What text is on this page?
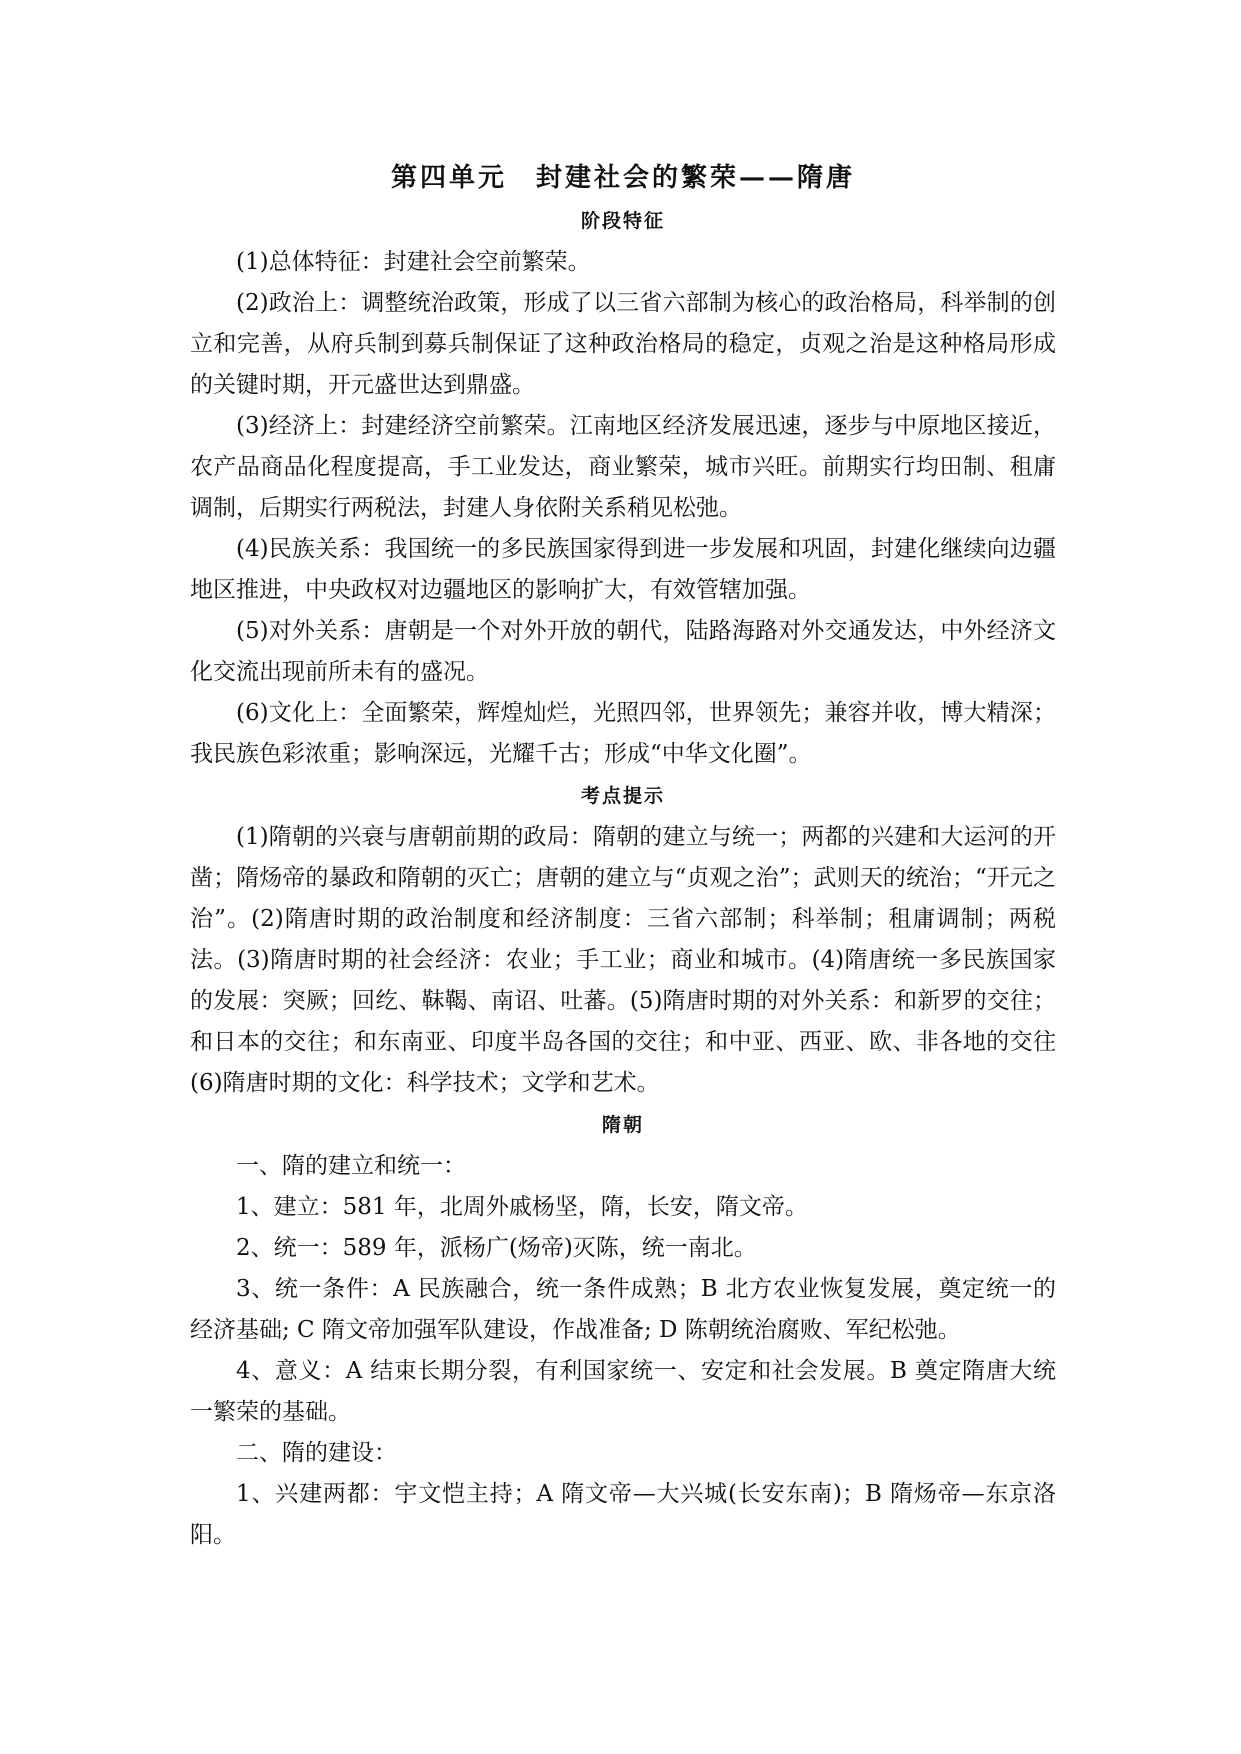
第四单元　封建社会的繁荣——隋唐
阶段特征

(1)总体特征：封建社会空前繁荣。

(2)政治上：调整统治政策，形成了以三省六部制为核心的政治格局，科举制的创立和完善，从府兵制到募兵制保证了这种政治格局的稳定，贞观之治是这种格局形成的关键时期，开元盛世达到鼎盛。

(3)经济上：封建经济空前繁荣。江南地区经济发展迅速，逐步与中原地区接近，农产品商品化程度提高，手工业发达，商业繁荣，城市兴旺。前期实行均田制、租庸调制，后期实行两税法，封建人身依附关系稍见松弛。

(4)民族关系：我国统一的多民族国家得到进一步发展和巩固，封建化继续向边疆地区推进，中央政权对边疆地区的影响扩大，有效管辖加强。

(5)对外关系：唐朝是一个对外开放的朝代，陆路海路对外交通发达，中外经济文化交流出现前所未有的盛况。

(6)文化上：全面繁荣，辉煌灿烂，光照四邻，世界领先；兼容并收，博大精深；我民族色彩浓重；影响深远，光耀千古；形成“中华文化圈”。

考点提示

(1)隋朝的兴衰与唐朝前期的政局：隋朝的建立与统一；两都的兴建和大运河的开凿；隋炀帝的暴政和隋朝的灭亡；唐朝的建立与“贞观之治”；武则天的统治；“开元之治”。(2)隋唐时期的政治制度和经济制度：三省六部制；科举制；租庸调制；两税法。(3)隋唐时期的社会经济：农业；手工业；商业和城市。(4)隋唐统一多民族国家的发展：突厥；回纥、靺鞨、南诏、吐蕃。(5)隋唐时期的对外关系：和新罗的交往；和日本的交往；和东南亚、印度半岛各国的交往；和中亚、西亚、欧、非各地的交往(6)隋唐时期的文化：科学技术；文学和艺术。

隋朝

一、隋的建立和统一：

1、建立：581 年，北周外戚杨坚，隋，长安，隋文帝。

2、统一：589 年，派杨广(炀帝)灭陈，统一南北。

3、统一条件：A 民族融合，统一条件成熟；B 北方农业恢复发展，奠定统一的经济基础; C 隋文帝加强军队建设，作战准备; D 陈朝统治腐败、军纪松弛。

4、意义：A 结束长期分裂，有利国家统一、安定和社会发展。B 奠定隋唐大统一繁荣的基础。

二、隋的建设：

1、兴建两都：宇文恺主持；A 隋文帝—大兴城(长安东南)；B 隋炀帝—东京洛阳。
